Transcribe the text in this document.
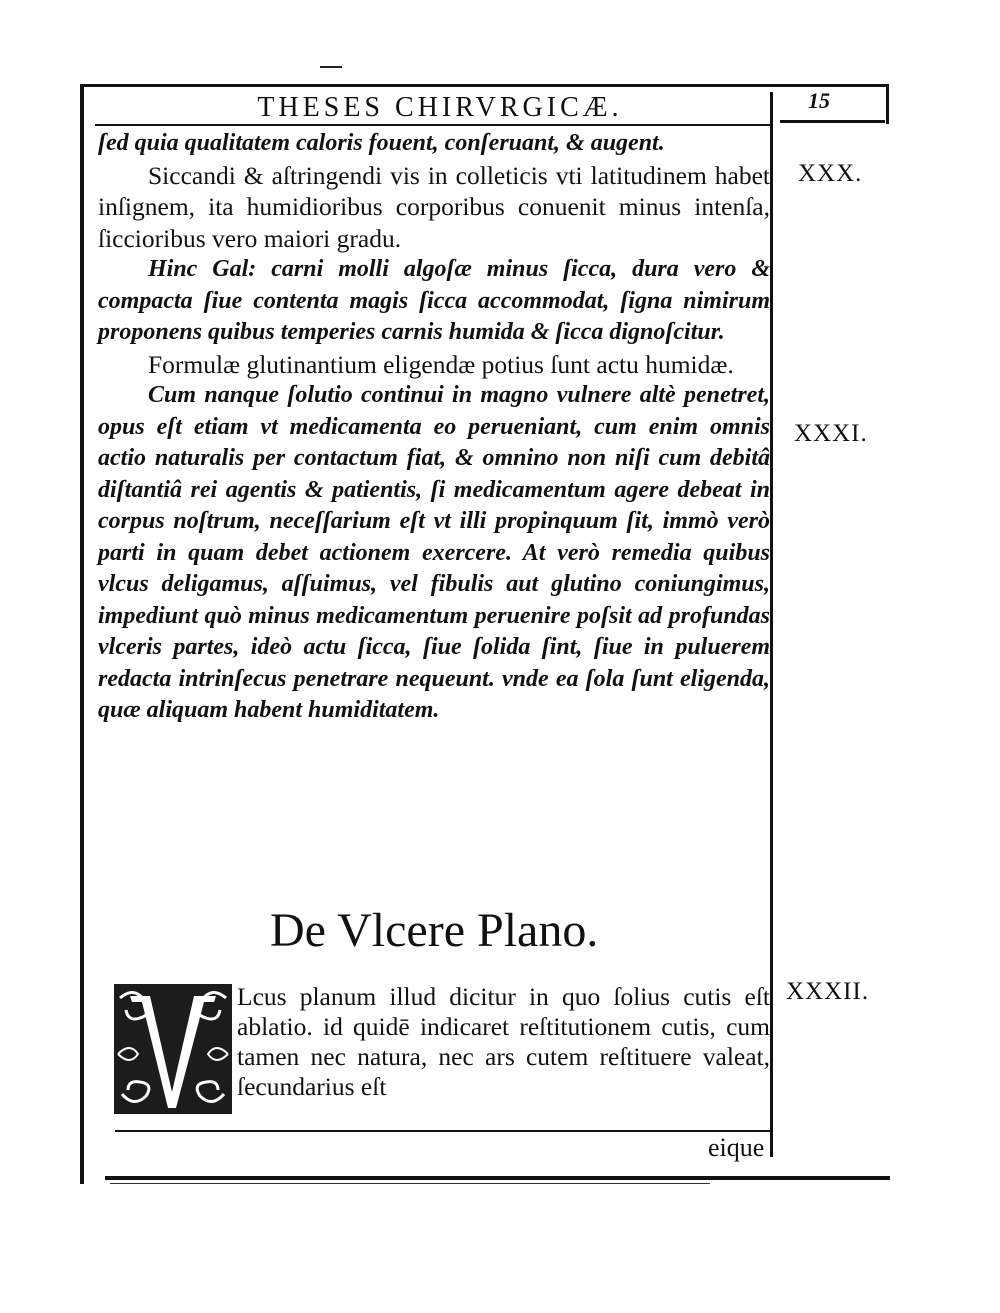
THESES CHIRVRGICÆ.	15

ſed quia qualitatem caloris fouent, conſeruant, & augent.

Siccandi & aſtringendi vis in colleticis vti latitudinem habet inſignem, ita humidioribus corporibus conuenit minus intenſa, ſiccioribus vero maiori gradu.

Hinc Gal: carni molli algoſæ minus ſicca, dura vero & compacta ſiue contenta magis ſicca accommodat, ſigna nimirum proponens quibus temperies carnis humida & ſicca dignoſcitur.

Formulæ glutinantium eligendæ potius ſunt actu humidæ.

Cum nanque ſolutio continui in magno vulnere altè penetret, opus eſt etiam vt medicamenta eo perueniant, cum enim omnis actio naturalis per contactum fiat, & omnino non niſi cum debitâ diſtantiâ rei agentis & patientis, ſi medicamentum agere debeat in corpus noſtrum, neceſſarium eſt vt illi propinquum ſit, immò verò parti in quam debet actionem exercere. At verò remedia quibus vlcus deligamus, aſſuimus, vel fibulis aut glutino coniungimus, impediunt quò minus medicamentum peruenire poſsit ad profundas vlceris partes, ideò actu ſicca, ſiue ſolida ſint, ſiue in puluerem redacta intrinſecus penetrare nequeunt. vnde ea ſola ſunt eligenda, quæ aliquam habent humiditatem.

XXX.
XXXI.
XXXII.
De Vlcere Plano.

Lcus planum illud dicitur in quo ſolius cutis eſt ablatio. id quidē indicaret reſtitutionem cutis, cum tamen nec natura, nec ars cutem reſtituere valeat, ſecundarius eſt

eique
